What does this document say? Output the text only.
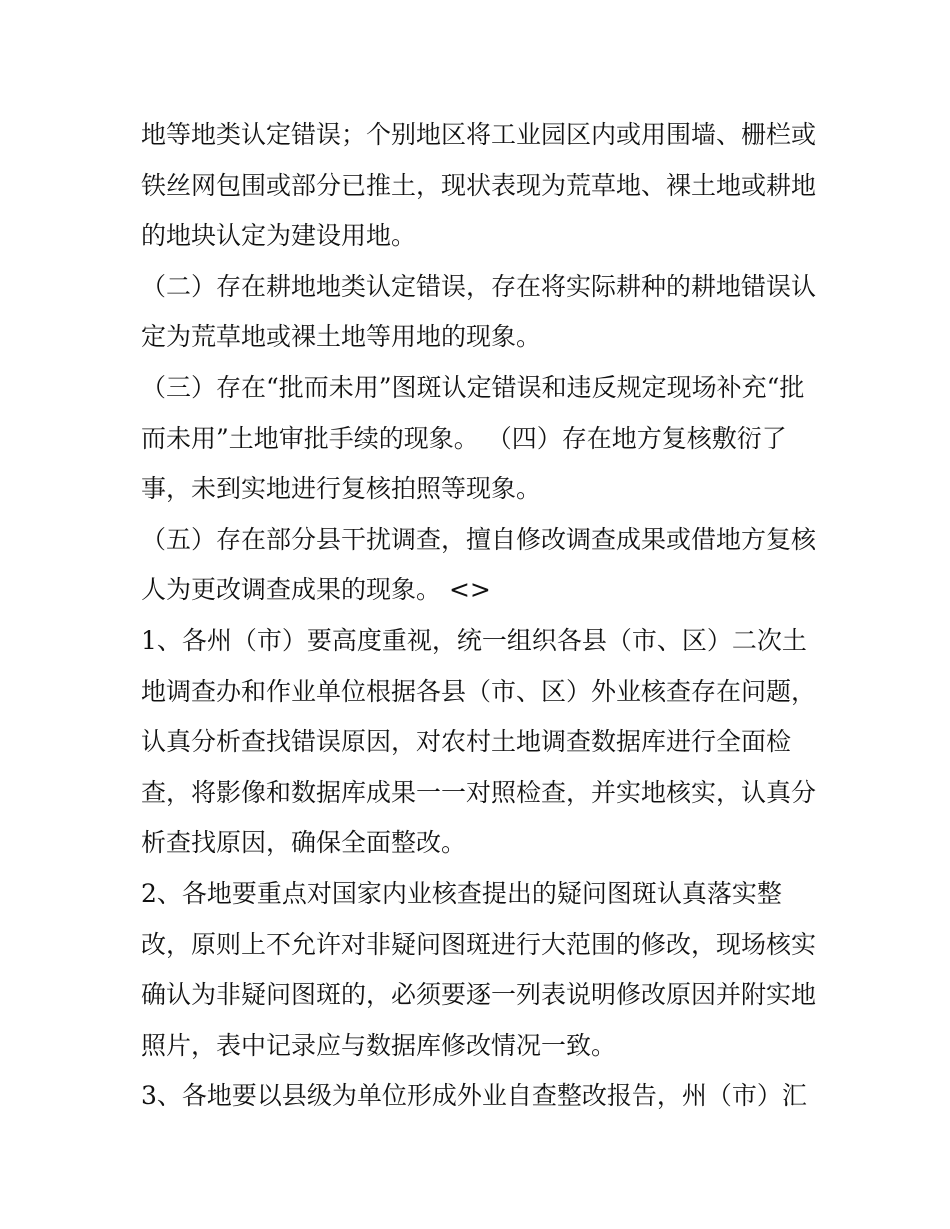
地等地类认定错误；个别地区将工业园区内或用围墙、栅栏或
铁丝网包围或部分已推土，现状表现为荒草地、裸土地或耕地
的地块认定为建设用地。
（二）存在耕地地类认定错误，存在将实际耕种的耕地错误认
定为荒草地或裸土地等用地的现象。
（三）存在“批而未用”图斑认定错误和违反规定现场补充“批
而未用”土地审批手续的现象。 （四）存在地方复核敷衍了
事，未到实地进行复核拍照等现象。
（五）存在部分县干扰调查，擅自修改调查成果或借地方复核
人为更改调查成果的现象。 <>
1、各州（市）要高度重视，统一组织各县（市、区）二次土
地调查办和作业单位根据各县（市、区）外业核查存在问题，
认真分析查找错误原因，对农村土地调查数据库进行全面检
查，将影像和数据库成果一一对照检查，并实地核实，认真分
析查找原因，确保全面整改。
2、各地要重点对国家内业核查提出的疑问图斑认真落实整
改，原则上不允许对非疑问图斑进行大范围的修改，现场核实
确认为非疑问图斑的，必须要逐一列表说明修改原因并附实地
照片，表中记录应与数据库修改情况一致。
3、各地要以县级为单位形成外业自查整改报告，州（市）汇
